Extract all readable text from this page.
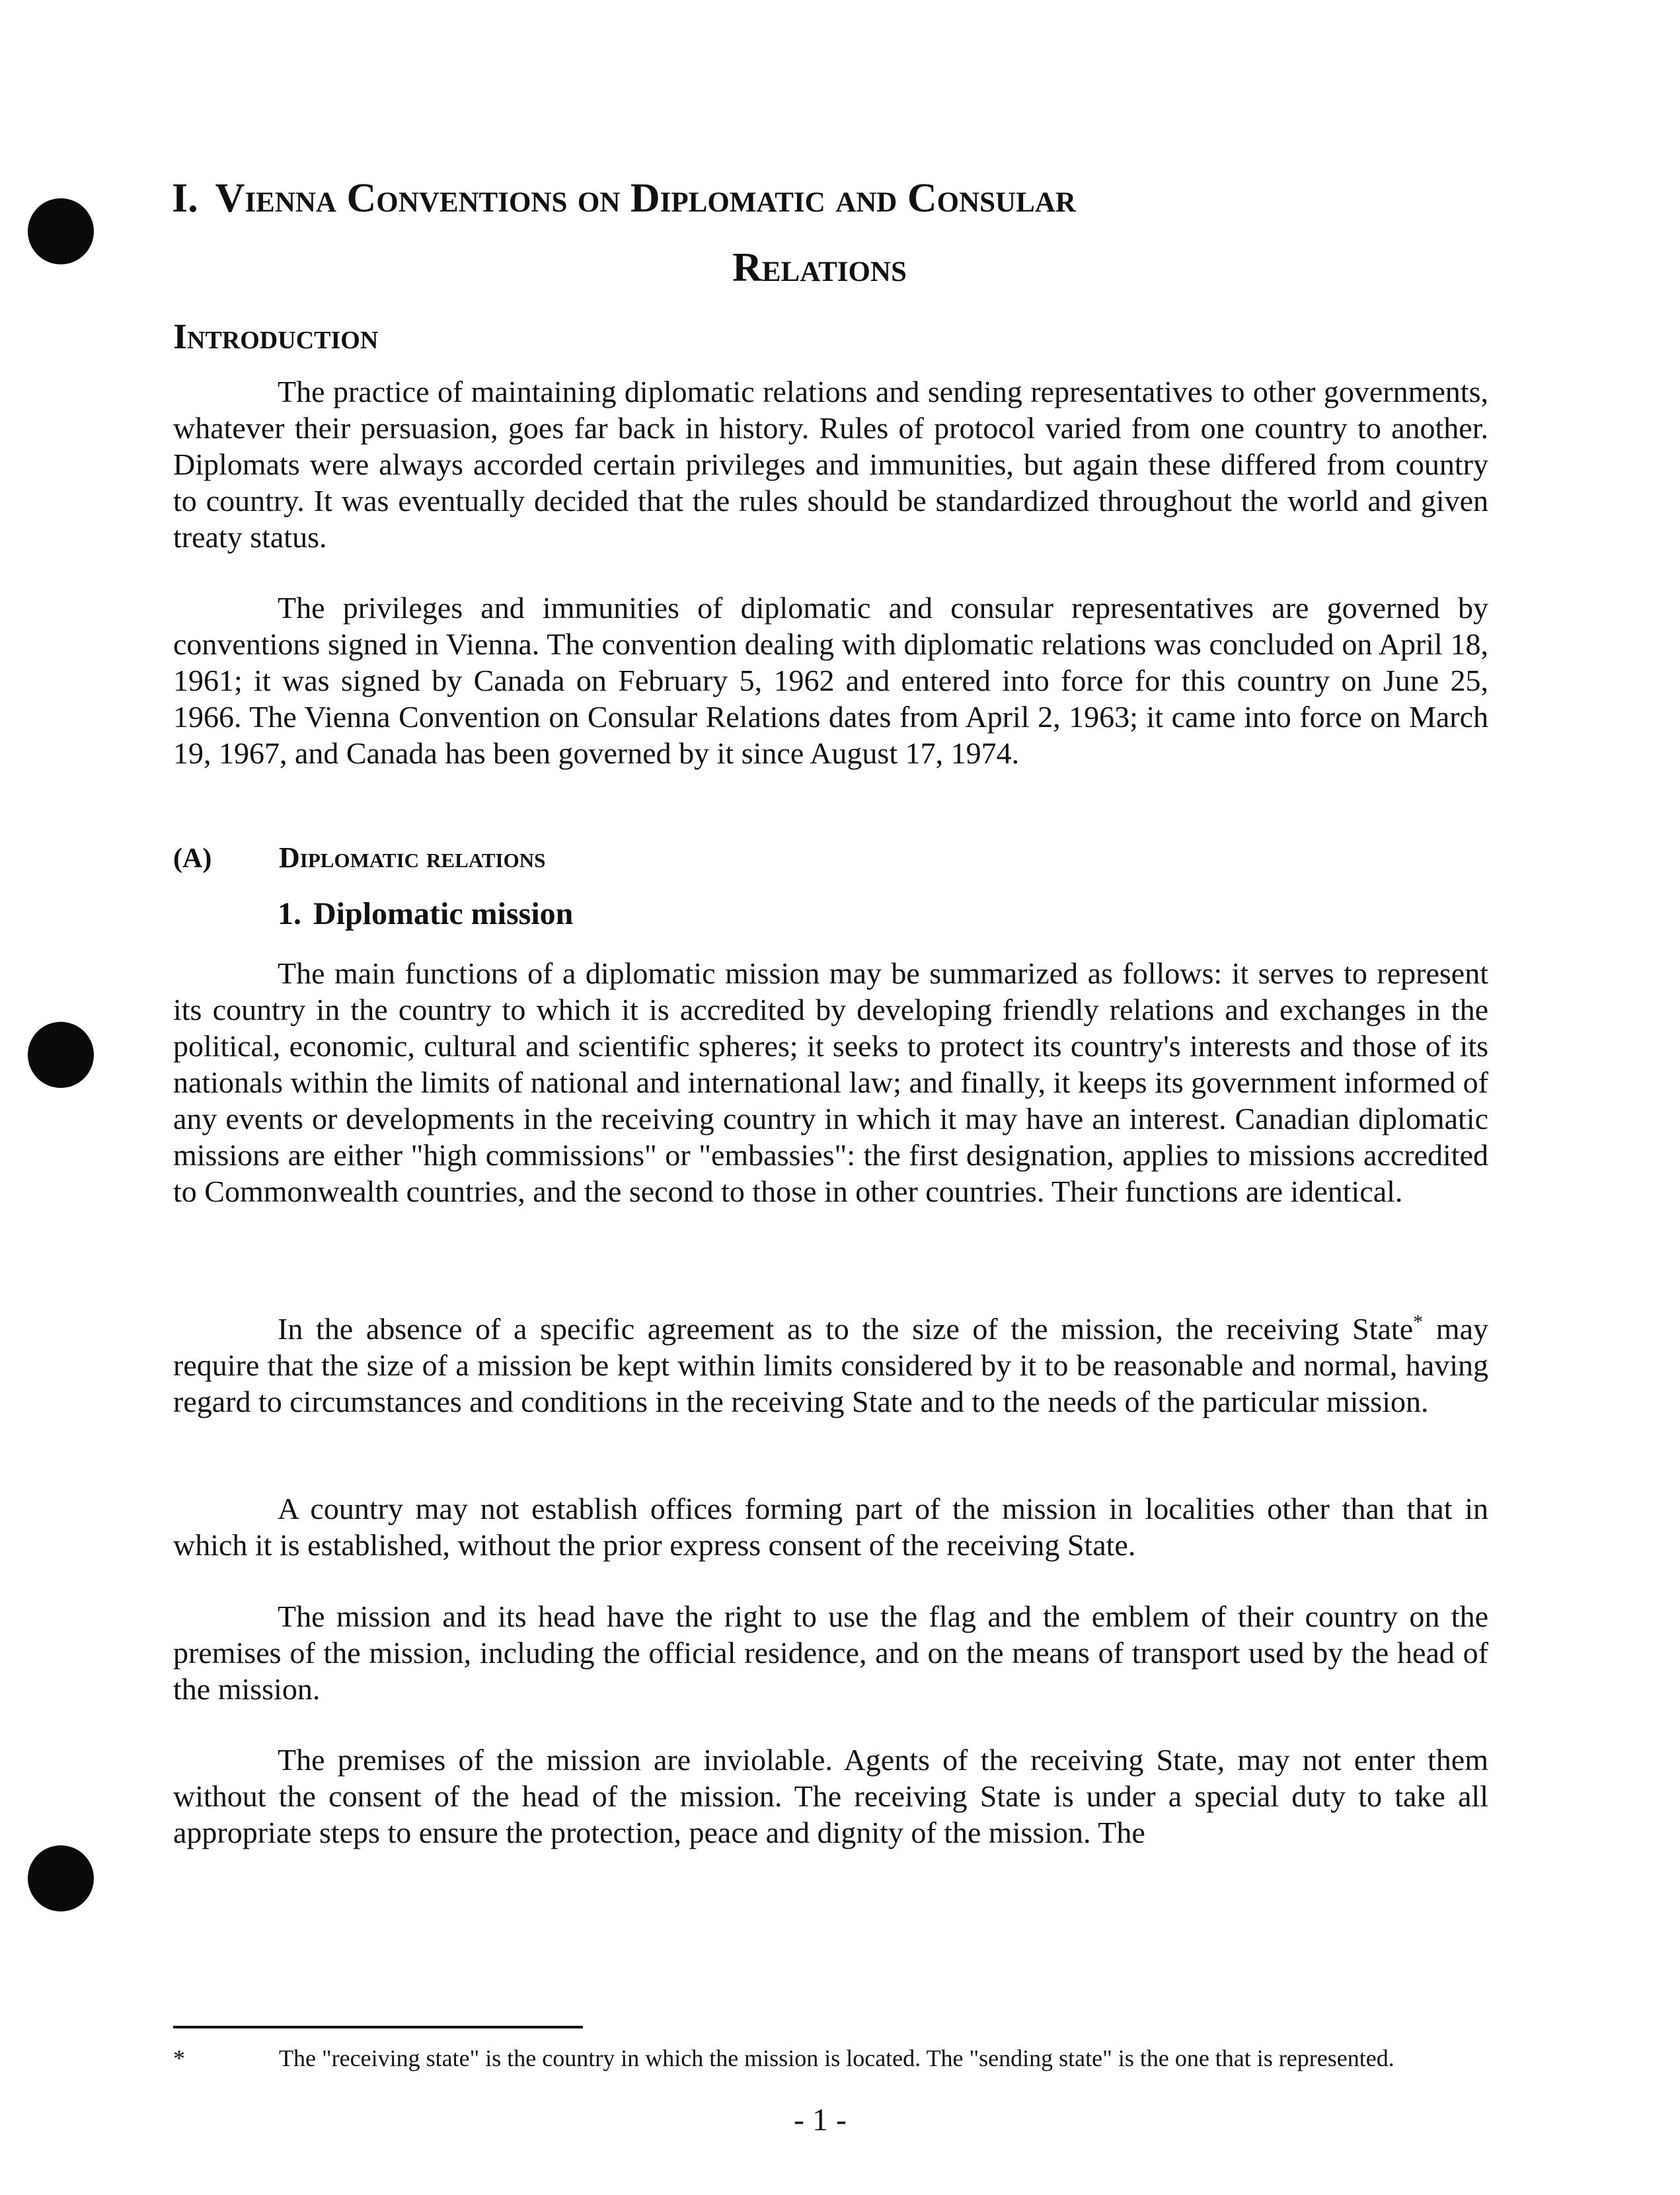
I. Vienna Conventions on Diplomatic and Consular
Relations
Introduction

The practice of maintaining diplomatic relations and sending representatives to other governments, whatever their persuasion, goes far back in history. Rules of protocol varied from one country to another. Diplomats were always accorded certain privileges and immunities, but again these differed from country to country. It was eventually decided that the rules should be standardized throughout the world and given treaty status.

The privileges and immunities of diplomatic and consular representatives are governed by conventions signed in Vienna. The convention dealing with diplomatic relations was concluded on April 18, 1961; it was signed by Canada on February 5, 1962 and entered into force for this country on June 25, 1966. The Vienna Convention on Consular Relations dates from April 2, 1963; it came into force on March 19, 1967, and Canada has been governed by it since August 17, 1974.

(A) Diplomatic relations
1. Diplomatic mission

The main functions of a diplomatic mission may be summarized as follows: it serves to represent its country in the country to which it is accredited by developing friendly relations and exchanges in the political, economic, cultural and scientific spheres; it seeks to protect its country's interests and those of its nationals within the limits of national and international law; and finally, it keeps its government informed of any events or developments in the receiving country in which it may have an interest. Canadian diplomatic missions are either "high commissions" or "embassies": the first designation, applies to missions accredited to Commonwealth countries, and the second to those in other countries. Their functions are identical.

In the absence of a specific agreement as to the size of the mission, the receiving State* may require that the size of a mission be kept within limits considered by it to be reasonable and normal, having regard to circumstances and conditions in the receiving State and to the needs of the particular mission.

A country may not establish offices forming part of the mission in localities other than that in which it is established, without the prior express consent of the receiving State.

The mission and its head have the right to use the flag and the emblem of their country on the premises of the mission, including the official residence, and on the means of transport used by the head of the mission.

The premises of the mission are inviolable. Agents of the receiving State, may not enter them without the consent of the head of the mission. The receiving State is under a special duty to take all appropriate steps to ensure the protection, peace and dignity of the mission. The

*	The "receiving state" is the country in which the mission is located. The "sending state" is the one that is represented.

- 1 -
